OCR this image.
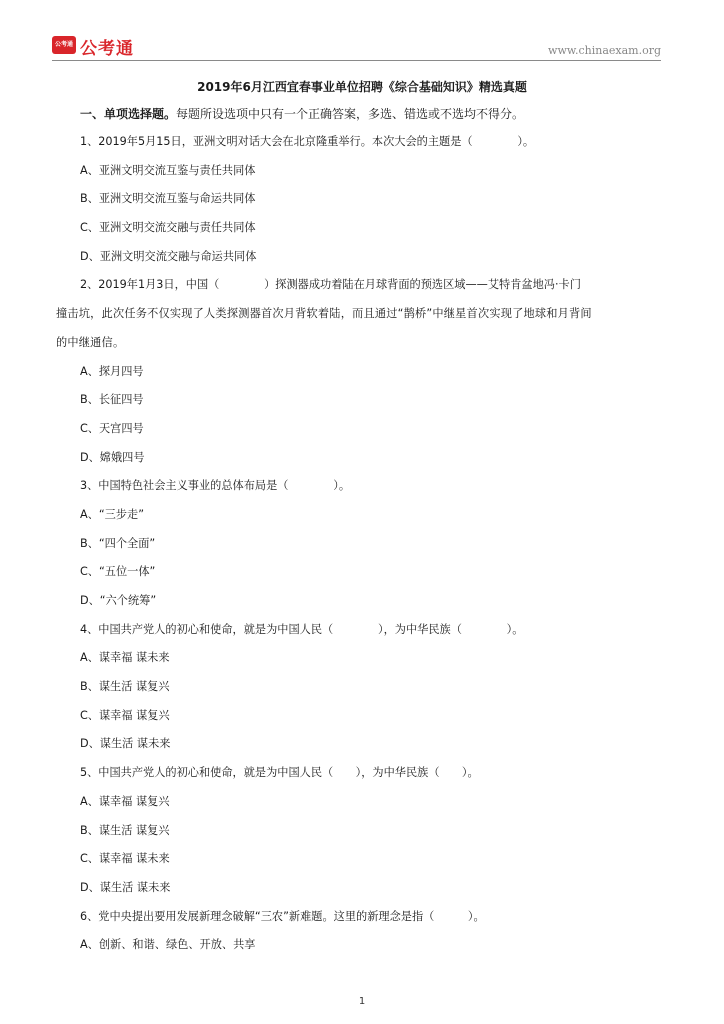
公考通 公考通	www.chinaexam.org
2019年6月江西宜春事业单位招聘《综合基础知识》精选真题
一、单项选择题。每题所设选项中只有一个正确答案，多选、错选或不选均不得分。
1、2019年5月15日，亚洲文明对话大会在北京隆重举行。本次大会的主题是（　　　　）。
A、亚洲文明交流互鉴与责任共同体
B、亚洲文明交流互鉴与命运共同体
C、亚洲文明交流交融与责任共同体
D、亚洲文明交流交融与命运共同体
2、2019年1月3日，中国（　　　　）探测器成功着陆在月球背面的预选区域——艾特肯盆地冯·卡门
撞击坑，此次任务不仅实现了人类探测器首次月背软着陆，而且通过“鹊桥”中继星首次实现了地球和月背间
的中继通信。
A、探月四号
B、长征四号
C、天宫四号
D、嫦娥四号
3、中国特色社会主义事业的总体布局是（　　　　）。
A、“三步走”
B、“四个全面”
C、“五位一体”
D、“六个统筹”
4、中国共产党人的初心和使命，就是为中国人民（　　　　），为中华民族（　　　　）。
A、谋幸福 谋未来
B、谋生活 谋复兴
C、谋幸福 谋复兴
D、谋生活 谋未来
5、中国共产党人的初心和使命，就是为中国人民（　　），为中华民族（　　）。
A、谋幸福 谋复兴
B、谋生活 谋复兴
C、谋幸福 谋未来
D、谋生活 谋未来
6、党中央提出要用发展新理念破解“三农”新难题。这里的新理念是指（　　　）。
A、创新、和谐、绿色、开放、共享
1
